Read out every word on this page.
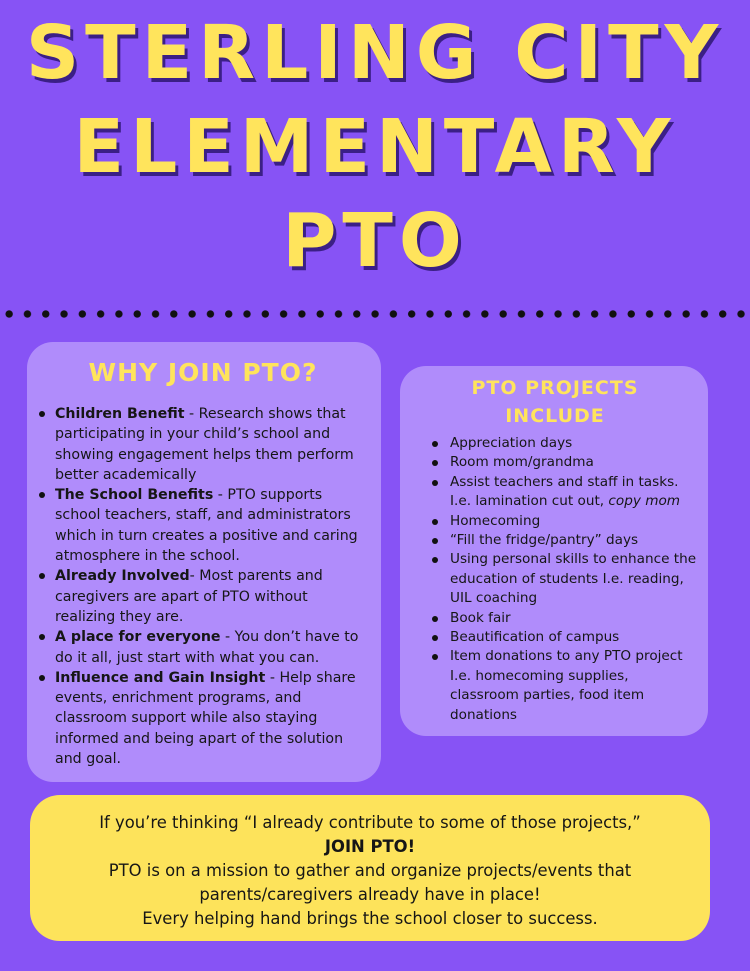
STERLING CITY
ELEMENTARY
PTO
WHY JOIN PTO?
Children Benefit - Research shows that participating in your child’s school and showing engagement helps them perform better academically
The School Benefits - PTO supports school teachers, staff, and administrators which in turn creates a positive and caring atmosphere in the school.
Already Involved- Most parents and caregivers are apart of PTO without realizing they are.
A place for everyone - You don’t have to do it all, just start with what you can.
Influence and Gain Insight - Help share events, enrichment programs, and classroom support while also staying informed and being apart of the solution and goal.
PTO PROJECTS
INCLUDE
Appreciation days
Room mom/grandma
Assist teachers and staff in tasks. I.e. lamination cut out, copy mom
Homecoming
“Fill the fridge/pantry” days
Using personal skills to enhance the education of students I.e. reading, UIL coaching
Book fair
Beautification of campus
Item donations to any PTO project I.e. homecoming supplies, classroom parties, food item donations
If you’re thinking “I already contribute to some of those projects,”
JOIN PTO!
PTO is on a mission to gather and organize projects/events that parents/caregivers already have in place!
Every helping hand brings the school closer to success.
